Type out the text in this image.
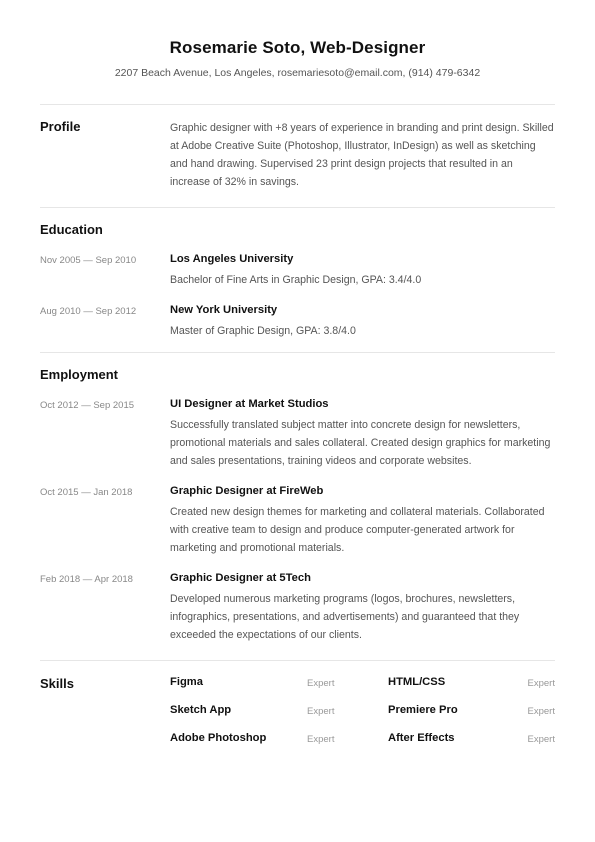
Rosemarie Soto, Web-Designer
2207 Beach Avenue, Los Angeles, rosemariesoto@email.com, (914) 479-6342
Profile	Graphic designer with +8 years of experience in branding and print design. Skilled at Adobe Creative Suite (Photoshop, Illustrator, InDesign) as well as sketching and hand drawing. Supervised 23 print design projects that resulted in an increase of 32% in savings.

Education
Nov 2005 — Sep 2010	Los Angeles University

Bachelor of Fine Arts in Graphic Design, GPA: 3.4/4.0

Aug 2010 — Sep 2012	New York University

Master of Graphic Design, GPA: 3.8/4.0

Employment
Oct 2012 — Sep 2015	UI Designer at Market Studios

Successfully translated subject matter into concrete design for newsletters, promotional materials and sales collateral. Created design graphics for marketing and sales presentations, training videos and corporate websites.

Oct 2015 — Jan 2018	Graphic Designer at FireWeb

Created new design themes for marketing and collateral materials. Collaborated with creative team to design and produce computer-generated artwork for marketing and promotional materials.

Feb 2018 — Apr 2018	Graphic Designer at 5Tech

Developed numerous marketing programs (logos, brochures, newsletters, infographics, presentations, and advertisements) and guaranteed that they exceeded the expectations of our clients.

Skills	Figma	Expert	HTML/CSS	Expert
Sketch App	Expert	Premiere Pro	Expert
Adobe Photoshop	Expert	After Effects	Expert
